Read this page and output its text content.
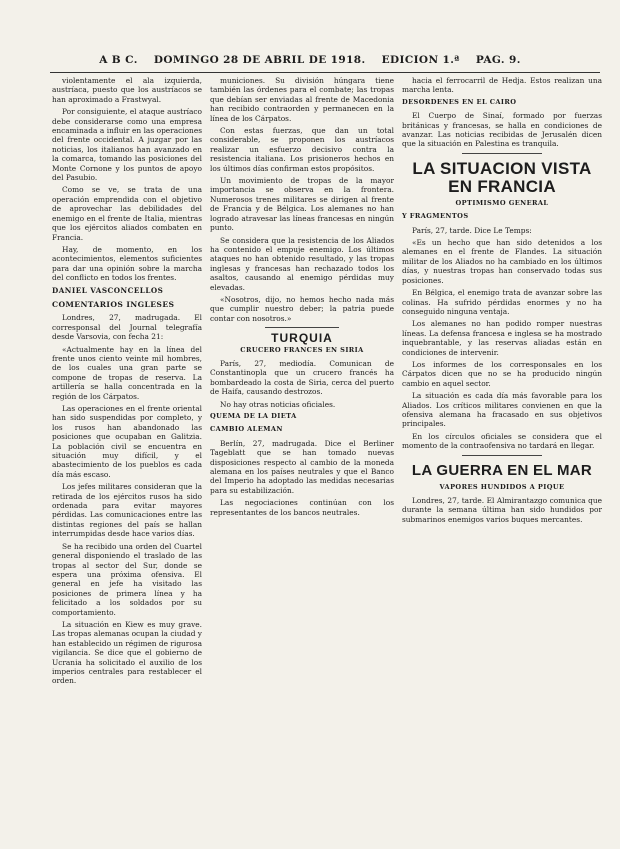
A B C. DOMINGO 28 DE ABRIL DE 1918. EDICION 1.ª PAG. 9.

violentamente el ala izquierda, austríaca, puesto que los austríacos se han aproximado a Frastwyal.

Por consiguiente, el ataque austríaco debe considerarse como una empresa encaminada a influir en las operaciones del frente occidental. A juzgar por las noticias, los italianos han avanzado en la comarca, tomando las posiciones del Monte Cornone y los puntos de apoyo del Pasubio.

Como se ve, se trata de una operación emprendida con el objetivo de aprovechar las debilidades del enemigo en el frente de Italia, mientras que los ejércitos aliados combaten en Francia.

Hay, de momento, en los acontecimientos, elementos suficientes para dar una opinión sobre la marcha del conflicto en todos los frentes.

DANIEL VASCONCELLOS
COMENTARIOS INGLESES

Londres, 27, madrugada. El corresponsal del Journal telegrafía desde Varsovia, con fecha 21:

«Actualmente hay en la línea del frente unos ciento veinte mil hombres, de los cuales una gran parte se compone de tropas de reserva. La artillería se halla concentrada en la región de los Cárpatos.

Las operaciones en el frente oriental han sido suspendidas por completo, y los rusos han abandonado las posiciones que ocupaban en Galitzia. La población civil se encuentra en situación muy difícil, y el abastecimiento de los pueblos es cada día más escaso.

Los jefes militares consideran que la retirada de los ejércitos rusos ha sido ordenada para evitar mayores pérdidas. Las comunicaciones entre las distintas regiones del país se hallan interrumpidas desde hace varios días.

Se ha recibido una orden del Cuartel general disponiendo el traslado de las tropas al sector del Sur, donde se espera una próxima ofensiva. El general en jefe ha visitado las posiciones de primera línea y ha felicitado a los soldados por su comportamiento.

La situación en Kiew es muy grave. Las tropas alemanas ocupan la ciudad y han establecido un régimen de rigurosa vigilancia. Se dice que el gobierno de Ucrania ha solicitado el auxilio de los imperios centrales para restablecer el orden.

municiones. Su división húngara tiene también las órdenes para el combate; las tropas que debían ser enviadas al frente de Macedonia han recibido contraorden y permanecen en la línea de los Cárpatos.

Con estas fuerzas, que dan un total considerable, se proponen los austríacos realizar un esfuerzo decisivo contra la resistencia italiana. Los prisioneros hechos en los últimos días confirman estos propósitos.

Un movimiento de tropas de la mayor importancia se observa en la frontera. Numerosos trenes militares se dirigen al frente de Francia y de Bélgica. Los alemanes no han logrado atravesar las líneas francesas en ningún punto.

Se considera que la resistencia de los Aliados ha contenido el empuje enemigo. Los últimos ataques no han obtenido resultado, y las tropas inglesas y francesas han rechazado todos los asaltos, causando al enemigo pérdidas muy elevadas.

«Nosotros, dijo, no hemos hecho nada más que cumplir nuestro deber; la patria puede contar con nosotros.»

TURQUIA
CRUCERO FRANCES EN SIRIA

París, 27, mediodía. Comunican de Constantinopla que un crucero francés ha bombardeado la costa de Siria, cerca del puerto de Haifa, causando destrozos.

No hay otras noticias oficiales.

QUEMA DE LA DIETA
CAMBIO ALEMAN

Berlín, 27, madrugada. Dice el Berliner Tageblatt que se han tomado nuevas disposiciones respecto al cambio de la moneda alemana en los países neutrales y que el Banco del Imperio ha adoptado las medidas necesarias para su estabilización.

Las negociaciones continúan con los representantes de los bancos neutrales.

hacia el ferrocarril de Hedja. Estos realizan una marcha lenta.

DESORDENES EN EL CAIRO

El Cuerpo de Sinaí, formado por fuerzas británicas y francesas, se halla en condiciones de avanzar. Las noticias recibidas de Jerusalén dicen que la situación en Palestina es tranquila.

LA SITUACION VISTA EN FRANCIA
OPTIMISMO GENERAL
Y FRAGMENTOS

París, 27, tarde. Dice Le Temps:

«Es un hecho que han sido detenidos a los alemanes en el frente de Flandes. La situación militar de los Aliados no ha cambiado en los últimos días, y nuestras tropas han conservado todas sus posiciones.

En Bélgica, el enemigo trata de avanzar sobre las colinas. Ha sufrido pérdidas enormes y no ha conseguido ninguna ventaja.

Los alemanes no han podido romper nuestras líneas. La defensa francesa e inglesa se ha mostrado inquebrantable, y las reservas aliadas están en condiciones de intervenir.

Los informes de los corresponsales en los Cárpatos dicen que no se ha producido ningún cambio en aquel sector.

La situación es cada día más favorable para los Aliados. Los críticos militares convienen en que la ofensiva alemana ha fracasado en sus objetivos principales.

En los círculos oficiales se considera que el momento de la contraofensiva no tardará en llegar.

LA GUERRA EN EL MAR
VAPORES HUNDIDOS A PIQUE

Londres, 27, tarde. El Almirantazgo comunica que durante la semana última han sido hundidos por submarinos enemigos varios buques mercantes.
